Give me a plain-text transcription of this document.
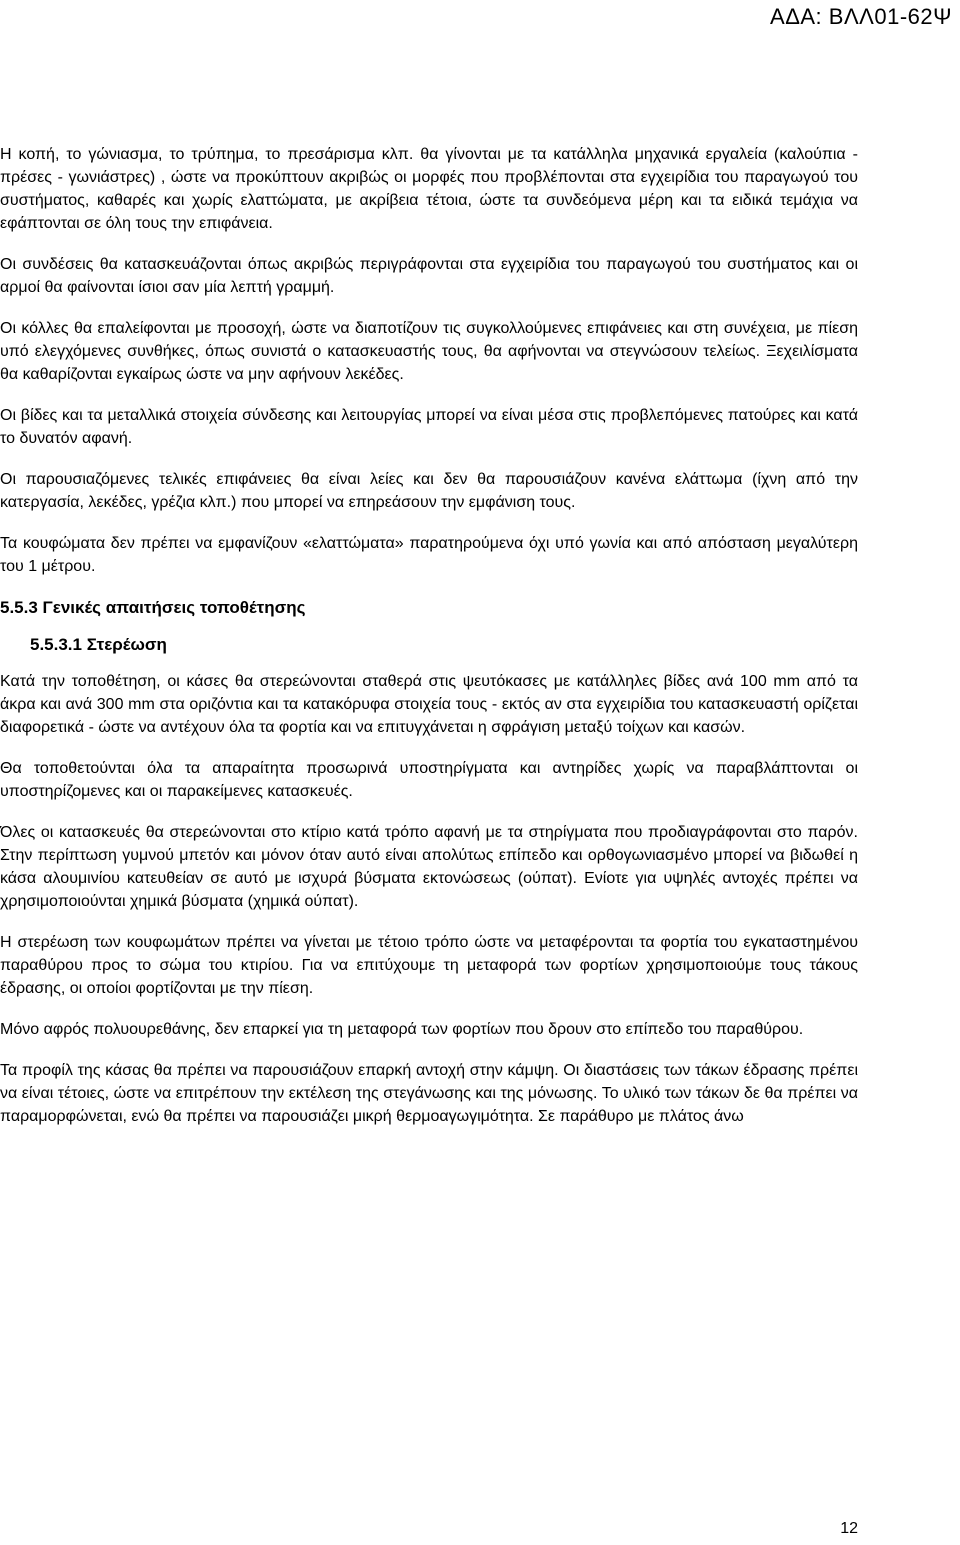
ΑΔΑ: ΒΛΛ01-62Ψ

Η κοπή, το γώνιασμα, το τρύπημα, το πρεσάρισμα κλπ. θα γίνονται με τα κατάλληλα μηχανικά εργαλεία (καλούπια - πρέσες - γωνιάστρες) , ώστε να προκύπτουν ακριβώς οι μορφές που προβλέπονται στα εγχειρίδια του παραγωγού του συστήματος, καθαρές και χωρίς ελαττώματα, με ακρίβεια τέτοια, ώστε τα συνδεόμενα μέρη και τα ειδικά τεμάχια να εφάπτονται σε όλη τους την επιφάνεια.

Οι συνδέσεις θα κατασκευάζονται όπως ακριβώς περιγράφονται στα εγχειρίδια του παραγωγού του συστήματος και οι αρμοί θα φαίνονται ίσιοι σαν μία λεπτή γραμμή.

Οι κόλλες θα επαλείφονται με προσοχή, ώστε να διαποτίζουν τις συγκολλούμενες επιφάνειες και στη συνέχεια, με πίεση υπό ελεγχόμενες συνθήκες, όπως συνιστά ο κατασκευαστής τους, θα αφήνονται να στεγνώσουν τελείως. Ξεχειλίσματα θα καθαρίζονται εγκαίρως ώστε να μην αφήνουν λεκέδες.

Οι βίδες και τα μεταλλικά στοιχεία σύνδεσης και λειτουργίας μπορεί να είναι μέσα στις προβλεπόμενες πατούρες και κατά το δυνατόν αφανή.

Οι παρουσιαζόμενες τελικές επιφάνειες θα είναι λείες και δεν θα παρουσιάζουν κανένα ελάττωμα (ίχνη από την κατεργασία, λεκέδες, γρέζια κλπ.) που μπορεί να επηρεάσουν την εμφάνιση τους.

Τα κουφώματα δεν πρέπει να εμφανίζουν «ελαττώματα» παρατηρούμενα όχι υπό γωνία και από απόσταση μεγαλύτερη του 1 μέτρου.

5.5.3 Γενικές απαιτήσεις τοποθέτησης
5.5.3.1 Στερέωση

Κατά την τοποθέτηση, οι κάσες θα στερεώνονται σταθερά στις ψευτόκασες με κατάλληλες βίδες ανά 100 mm από τα άκρα και ανά 300 mm στα οριζόντια και τα κατακόρυφα στοιχεία τους - εκτός αν στα εγχειρίδια του κατασκευαστή ορίζεται διαφορετικά - ώστε να αντέχουν όλα τα φορτία και να επιτυγχάνεται η σφράγιση μεταξύ τοίχων και κασών.

Θα τοποθετούνται όλα τα απαραίτητα προσωρινά υποστηρίγματα και αντηρίδες χωρίς να παραβλάπτονται οι υποστηρίζομενες και οι παρακείμενες κατασκευές.

Όλες οι κατασκευές θα στερεώνονται στο κτίριο κατά τρόπο αφανή με τα στηρίγματα που προδιαγράφονται στο παρόν. Στην περίπτωση γυμνού μπετόν και μόνον όταν αυτό είναι απολύτως επίπεδο και ορθογωνιασμένο μπορεί να βιδωθεί η κάσα αλουμινίου κατευθείαν σε αυτό με ισχυρά βύσματα εκτονώσεως (ούπατ). Ενίοτε για υψηλές αντοχές πρέπει να χρησιμοποιούνται χημικά βύσματα (χημικά ούπατ).

Η στερέωση των κουφωμάτων πρέπει να γίνεται με τέτοιο τρόπο ώστε να μεταφέρονται τα φορτία του εγκαταστημένου παραθύρου προς το σώμα του κτιρίου. Για να επιτύχουμε τη μεταφορά των φορτίων χρησιμοποιούμε τους τάκους έδρασης, οι οποίοι φορτίζονται με την πίεση.

Μόνο αφρός πολυουρεθάνης, δεν επαρκεί για τη μεταφορά των φορτίων που δρουν στο επίπεδο του παραθύρου.

Τα προφίλ της κάσας θα πρέπει να παρουσιάζουν επαρκή αντοχή στην κάμψη. Οι διαστάσεις των τάκων έδρασης πρέπει να είναι τέτοιες, ώστε να επιτρέπουν την εκτέλεση της στεγάνωσης και της μόνωσης. Το υλικό των τάκων δε θα πρέπει να παραμορφώνεται, ενώ θα πρέπει να παρουσιάζει μικρή θερμοαγωγιμότητα. Σε παράθυρο με πλάτος άνω

12
